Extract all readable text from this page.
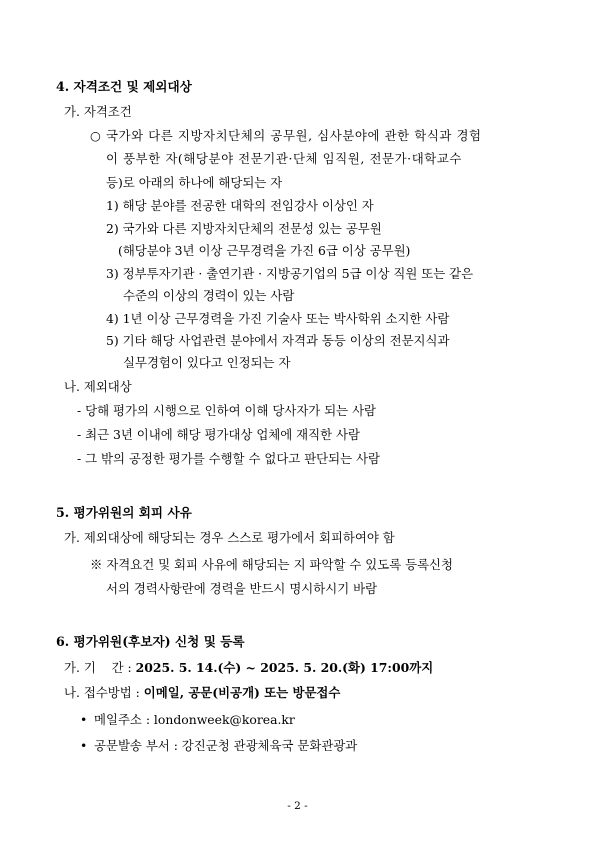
4. 자격조건 및 제외대상
가. 자격조건
○ 국가와 다른 지방자치단체의 공무원, 심사분야에 관한 학식과 경험
이 풍부한 자(해당분야 전문기관·단체 임직원, 전문가·대학교수
등)로 아래의 하나에 해당되는 자
1) 해당 분야를 전공한 대학의 전임강사 이상인 자
2) 국가와 다른 지방자치단체의 전문성 있는 공무원
(해당분야 3년 이상 근무경력을 가진 6급 이상 공무원)
3) 정부투자기관 · 출연기관 · 지방공기업의 5급 이상 직원 또는 같은
수준의 이상의 경력이 있는 사람
4) 1년 이상 근무경력을 가진 기술사 또는 박사학위 소지한 사람
5) 기타 해당 사업관련 분야에서 자격과 동등 이상의 전문지식과
실무경험이 있다고 인정되는 자
나. 제외대상
- 당해 평가의 시행으로 인하여 이해 당사자가 되는 사람
- 최근 3년 이내에 해당 평가대상 업체에 재직한 사람
- 그 밖의 공정한 평가를 수행할 수 없다고 판단되는 사람
5. 평가위원의 회피 사유
가. 제외대상에 해당되는 경우 스스로 평가에서 회피하여야 함
※ 자격요건 및 회피 사유에 해당되는 지 파악할 수 있도록 등록신청
서의 경력사항란에 경력을 반드시 명시하시기 바람
6. 평가위원(후보자) 신청 및 등록
가. 기    간 : 2025. 5. 14.(수) ~ 2025. 5. 20.(화) 17:00까지
나. 접수방법 : 이메일, 공문(비공개) 또는 방문접수
• 메일주소 : londonweek@korea.kr
• 공문발송 부서 : 강진군청 관광체육국 문화관광과
- 2 -
